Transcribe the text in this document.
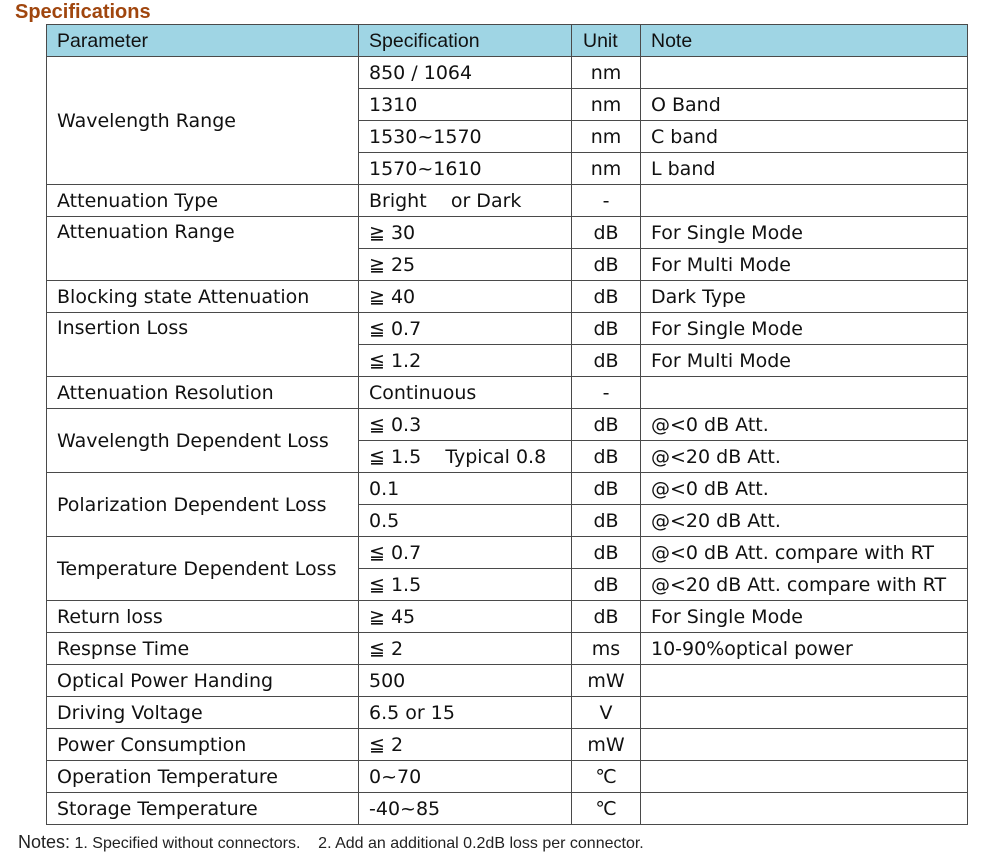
Specifications
Parameter	Specification	Unit	Note
Wavelength Range	850 / 1064	nm	
	1310	nm	O Band
	1530~1570	nm	C band
	1570~1610	nm	L band
Attenuation Type	Bright    or Dark	-	
Attenuation Range	≧ 30	dB	For Single Mode
	≧ 25	dB	For Multi Mode
Blocking state Attenuation	≧ 40	dB	Dark Type
Insertion Loss	≦ 0.7	dB	For Single Mode
	≦ 1.2	dB	For Multi Mode
Attenuation Resolution	Continuous	-	
Wavelength Dependent Loss	≦ 0.3	dB	@<0 dB Att.
	≦ 1.5    Typical 0.8	dB	@<20 dB Att.
Polarization Dependent Loss	0.1	dB	@<0 dB Att.
	0.5	dB	@<20 dB Att.
Temperature Dependent Loss	≦ 0.7	dB	@<0 dB Att. compare with RT
	≦ 1.5	dB	@<20 dB Att. compare with RT
Return loss	≧ 45	dB	For Single Mode
Respnse Time	≦ 2	ms	10-90%optical power
Optical Power Handing	500	mW	
Driving Voltage	6.5 or 15	V	
Power Consumption	≦ 2	mW	
Operation Temperature	0~70	℃	
Storage Temperature	-40~85	℃	
Notes: 1. Specified without connectors. 2. Add an additional 0.2dB loss per connector.
